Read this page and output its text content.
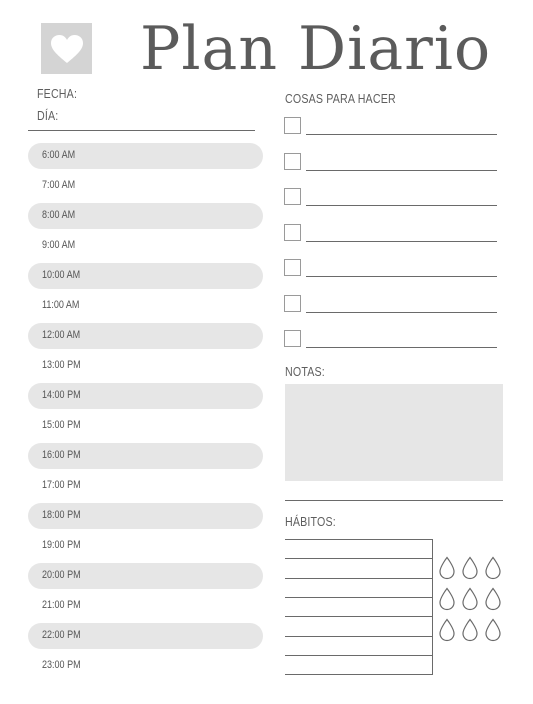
Plan Diario
FECHA:
DÍA:
6:00 AM
7:00 AM
8:00 AM
9:00 AM
10:00 AM
11:00 AM
12:00 AM
13:00 PM
14:00 PM
15:00 PM
16:00 PM
17:00 PM
18:00 PM
19:00 PM
20:00 PM
21:00 PM
22:00 PM
23:00 PM
COSAS PARA HACER
NOTAS:
HÁBITOS:
